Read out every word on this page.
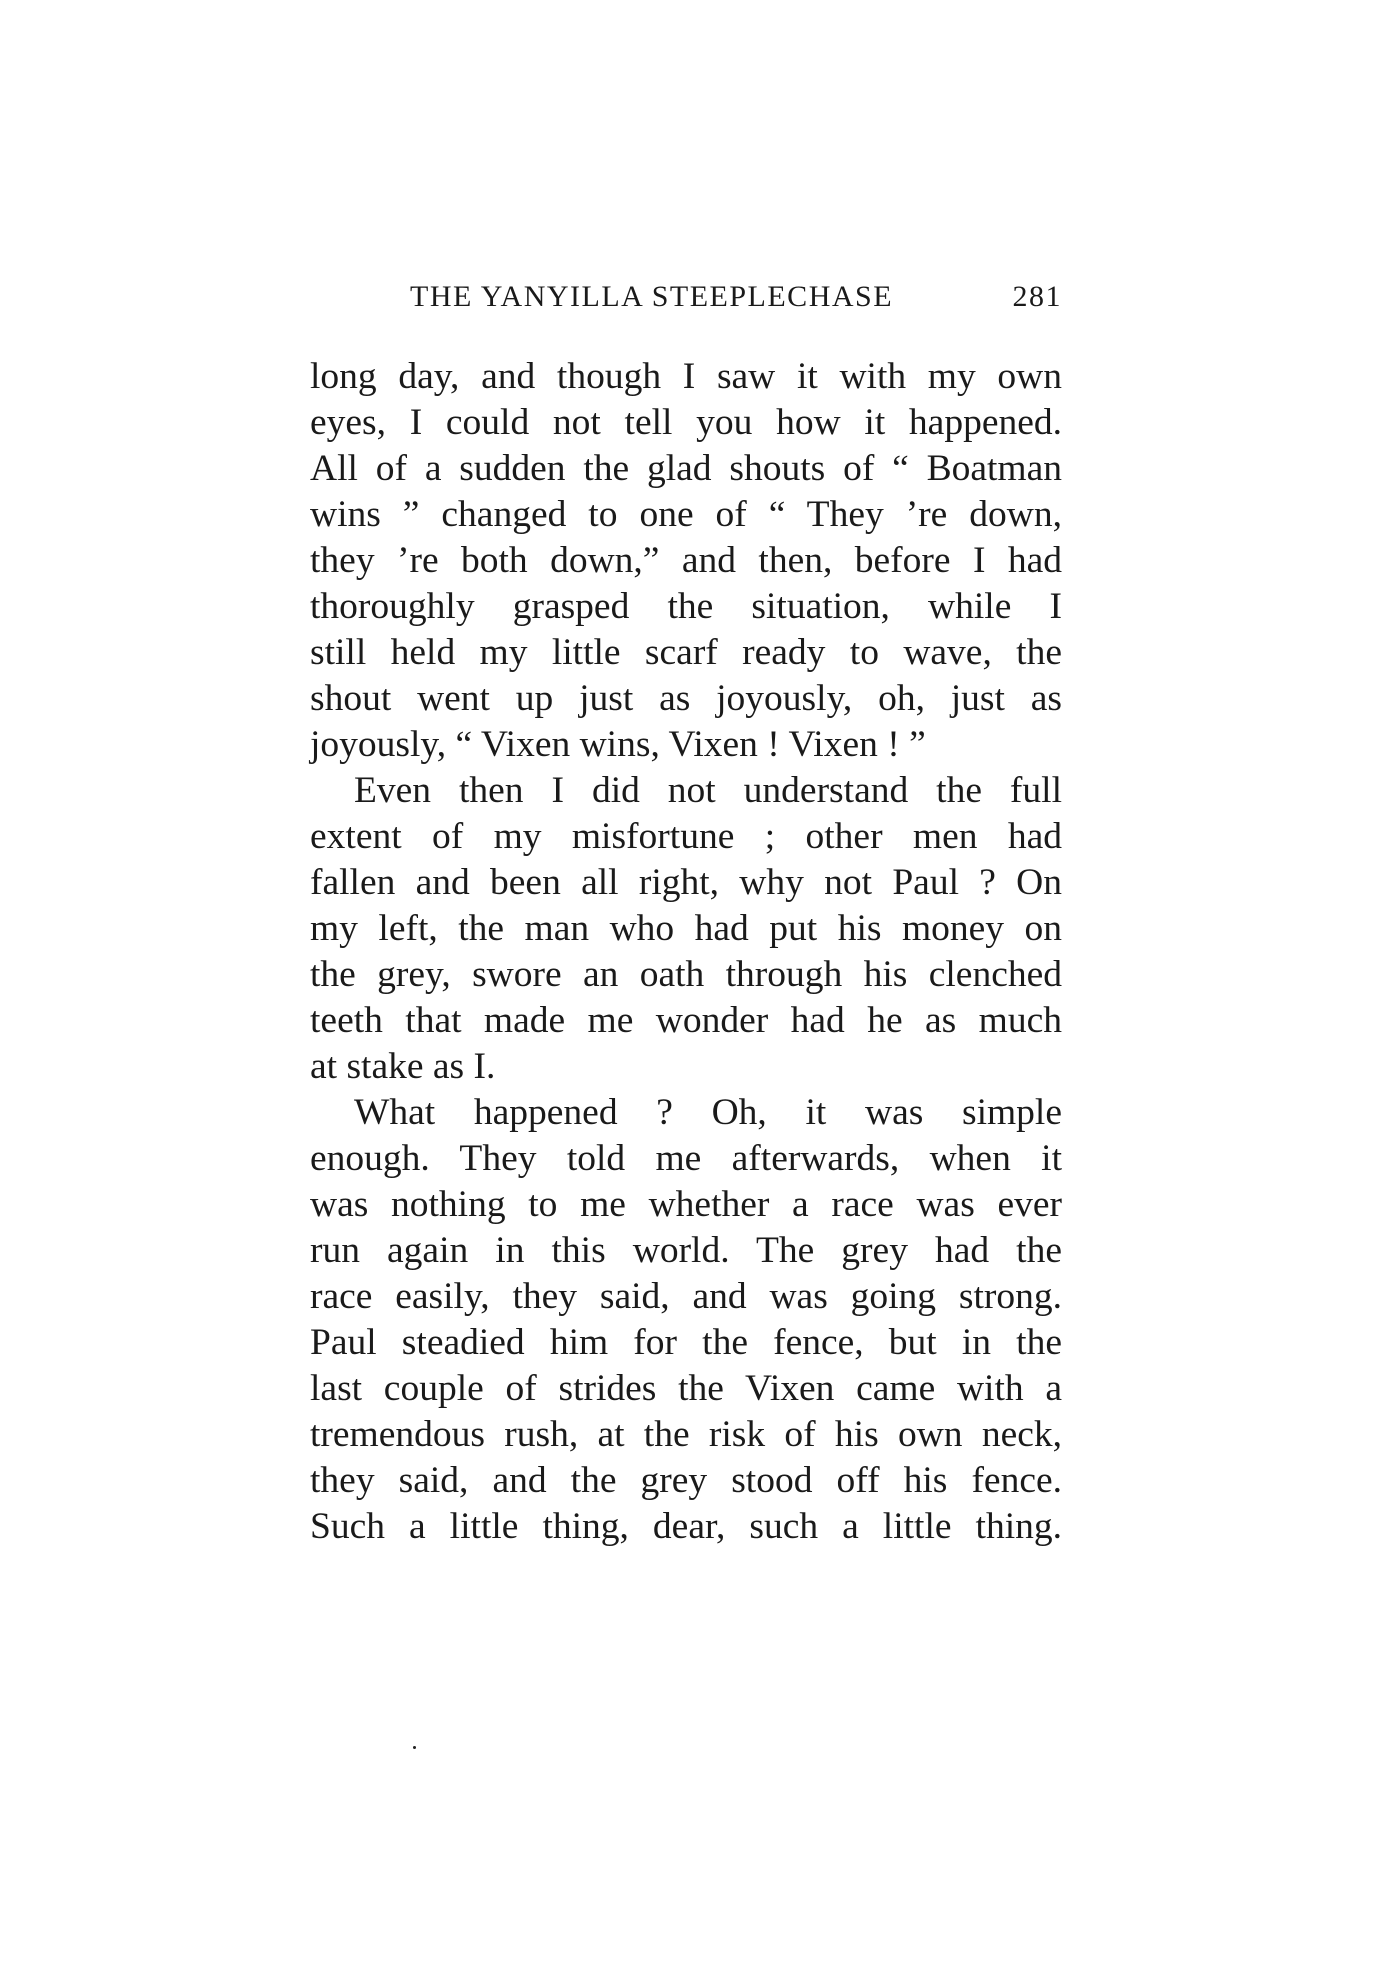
THE YANYILLA STEEPLECHASE	281
long day, and though I saw it with my own
eyes, I could not tell you how it happened.
All of a sudden the glad shouts of “ Boatman
wins ” changed to one of “ They ’re down,
they ’re both down,” and then, before I had
thoroughly grasped the situation, while I
still held my little scarf ready to wave, the
shout went up just as joyously, oh, just as
joyously, “ Vixen wins, Vixen ! Vixen ! ”
Even then I did not understand the full
extent of my misfortune ; other men had
fallen and been all right, why not Paul ? On
my left, the man who had put his money on
the grey, swore an oath through his clenched
teeth that made me wonder had he as much
at stake as I.
What happened ? Oh, it was simple
enough. They told me afterwards, when it
was nothing to me whether a race was ever
run again in this world. The grey had the
race easily, they said, and was going strong.
Paul steadied him for the fence, but in the
last couple of strides the Vixen came with a
tremendous rush, at the risk of his own neck,
they said, and the grey stood off his fence.
Such a little thing, dear, such a little thing.
